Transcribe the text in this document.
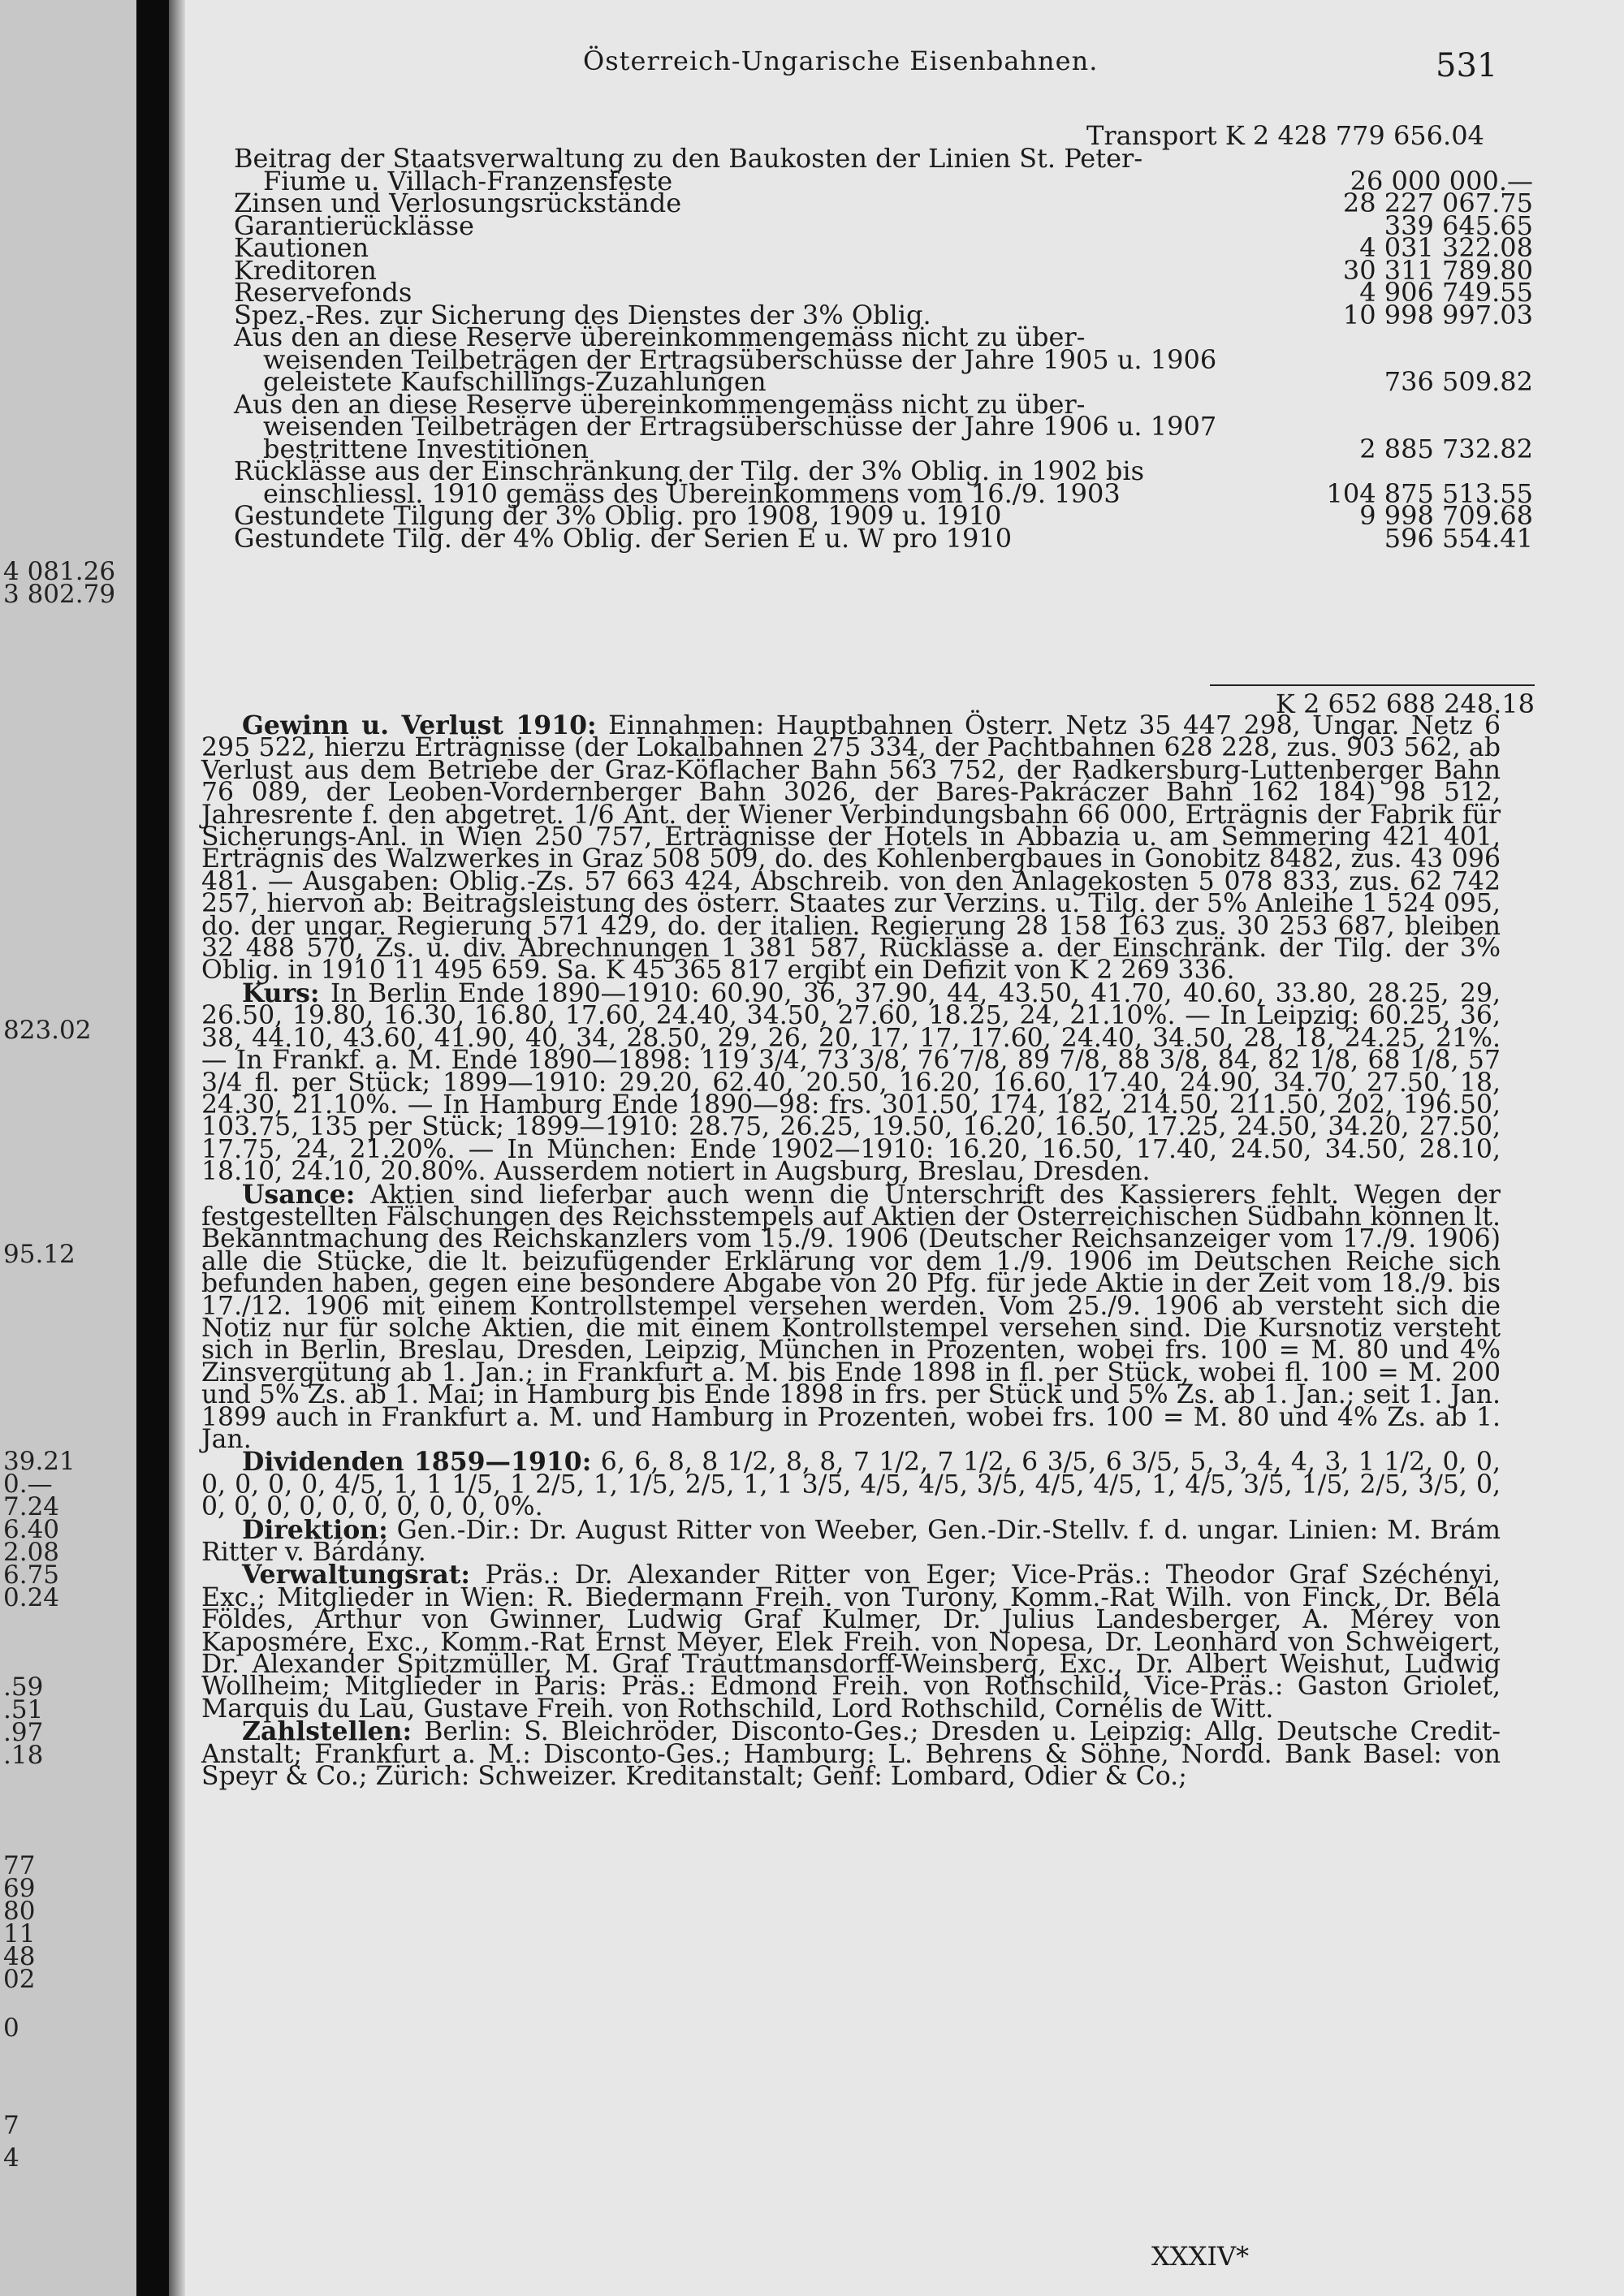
4 081.26
3 802.79
823.02
95.12
39.21
0.—
7.24
6.40
2.08
6.75
0.24
.59
.51
.97
.18
77
69
80
11
48
02
0
7
4
Österreich-Ungarische Eisenbahnen.	531
Transport K 2 428 779 656.04
Beitrag der Staatsverwaltung zu den Baukosten der Linien St. Peter-
Fiume u. Villach-Franzensfeste	26 000 000.—
Zinsen und Verlosungsrückstände	28 227 067.75
Garantierücklässe	339 645.65
Kautionen	4 031 322.08
Kreditoren	30 311 789.80
Reservefonds	4 906 749.55
Spez.-Res. zur Sicherung des Dienstes der 3% Oblig.	10 998 997.03
Aus den an diese Reserve übereinkommengemäss nicht zu über-
weisenden Teilbeträgen der Ertragsüberschüsse der Jahre 1905 u. 1906
geleistete Kaufschillings-Zuzahlungen	736 509.82
Aus den an diese Reserve übereinkommengemäss nicht zu über-
weisenden Teilbeträgen der Ertragsüberschüsse der Jahre 1906 u. 1907
bestrittene Investitionen	2 885 732.82
Rücklässe aus der Einschränkung der Tilg. der 3% Oblig. in 1902 bis
einschliessl. 1910 gemäss des Übereinkommens vom 16./9. 1903	104 875 513.55
Gestundete Tilgung der 3% Oblig. pro 1908, 1909 u. 1910	9 998 709.68
Gestundete Tilg. der 4% Oblig. der Serien E u. W pro 1910	596 554.41
K 2 652 688 248.18

Gewinn u. Verlust 1910: Einnahmen: Hauptbahnen Österr. Netz 35 447 298, Ungar. Netz 6 295 522, hierzu Erträgnisse (der Lokalbahnen 275 334, der Pachtbahnen 628 228, zus. 903 562, ab Verlust aus dem Betriebe der Graz-Köflacher Bahn 563 752, der Radkersburg-Luttenberger Bahn 76 089, der Leoben-Vordernberger Bahn 3026, der Bares-Pakráczer Bahn 162 184) 98 512, Jahresrente f. den abgetret. 1/6 Ant. der Wiener Verbindungsbahn 66 000, Erträgnis der Fabrik für Sicherungs-Anl. in Wien 250 757, Erträgnisse der Hotels in Abbazia u. am Semmering 421 401, Erträgnis des Walzwerkes in Graz 508 509, do. des Kohlenbergbaues in Gonobitz 8482, zus. 43 096 481. — Ausgaben: Oblig.-Zs. 57 663 424, Abschreib. von den Anlagekosten 5 078 833, zus. 62 742 257, hiervon ab: Beitragsleistung des österr. Staates zur Verzins. u. Tilg. der 5% Anleihe 1 524 095, do. der ungar. Regierung 571 429, do. der italien. Regierung 28 158 163 zus. 30 253 687, bleiben 32 488 570, Zs. u. div. Abrechnungen 1 381 587, Rücklässe a. der Einschränk. der Tilg. der 3% Oblig. in 1910 11 495 659. Sa. K 45 365 817 ergibt ein Defizit von K 2 269 336.

Kurs: In Berlin Ende 1890—1910: 60.90, 36, 37.90, 44, 43.50, 41.70, 40.60, 33.80, 28.25, 29, 26.50, 19.80, 16.30, 16.80, 17.60, 24.40, 34.50, 27.60, 18.25, 24, 21.10%. — In Leipzig: 60.25, 36, 38, 44.10, 43.60, 41.90, 40, 34, 28.50, 29, 26, 20, 17, 17, 17.60, 24.40, 34.50, 28, 18, 24.25, 21%. — In Frankf. a. M. Ende 1890—1898: 119 3/4, 73 3/8, 76 7/8, 89 7/8, 88 3/8, 84, 82 1/8, 68 1/8, 57 3/4 fl. per Stück; 1899—1910: 29.20, 62.40, 20.50, 16.20, 16.60, 17.40, 24.90, 34.70, 27.50, 18, 24.30, 21.10%. — In Hamburg Ende 1890—98: frs. 301.50, 174, 182, 214.50, 211.50, 202, 196.50, 103.75, 135 per Stück; 1899—1910: 28.75, 26.25, 19.50, 16.20, 16.50, 17.25, 24.50, 34.20, 27.50, 17.75, 24, 21.20%. — In München: Ende 1902—1910: 16.20, 16.50, 17.40, 24.50, 34.50, 28.10, 18.10, 24.10, 20.80%. Ausserdem notiert in Augsburg, Breslau, Dresden.

Usance: Aktien sind lieferbar auch wenn die Unterschrift des Kassierers fehlt. Wegen der festgestellten Fälschungen des Reichsstempels auf Aktien der Österreichischen Südbahn können lt. Bekanntmachung des Reichskanzlers vom 15./9. 1906 (Deutscher Reichsanzeiger vom 17./9. 1906) alle die Stücke, die lt. beizufügender Erklärung vor dem 1./9. 1906 im Deutschen Reiche sich befunden haben, gegen eine besondere Abgabe von 20 Pfg. für jede Aktie in der Zeit vom 18./9. bis 17./12. 1906 mit einem Kontrollstempel versehen werden. Vom 25./9. 1906 ab versteht sich die Notiz nur für solche Aktien, die mit einem Kontrollstempel versehen sind. Die Kursnotiz versteht sich in Berlin, Breslau, Dresden, Leipzig, München in Prozenten, wobei frs. 100 = M. 80 und 4% Zinsvergütung ab 1. Jan.; in Frankfurt a. M. bis Ende 1898 in fl. per Stück, wobei fl. 100 = M. 200 und 5% Zs. ab 1. Mai; in Hamburg bis Ende 1898 in frs. per Stück und 5% Zs. ab 1. Jan.; seit 1. Jan. 1899 auch in Frankfurt a. M. und Hamburg in Prozenten, wobei frs. 100 = M. 80 und 4% Zs. ab 1. Jan.

Dividenden 1859—1910: 6, 6, 8, 8 1/2, 8, 8, 7 1/2, 7 1/2, 6 3/5, 6 3/5, 5, 3, 4, 4, 3, 1 1/2, 0, 0, 0, 0, 0, 0, 4/5, 1, 1 1/5, 1 2/5, 1, 1/5, 2/5, 1, 1 3/5, 4/5, 4/5, 3/5, 4/5, 4/5, 1, 4/5, 3/5, 1/5, 2/5, 3/5, 0, 0, 0, 0, 0, 0, 0, 0, 0, 0, 0%.

Direktion: Gen.-Dir.: Dr. August Ritter von Weeber, Gen.-Dir.-Stellv. f. d. ungar. Linien: M. Brám Ritter v. Bárdány.

Verwaltungsrat: Präs.: Dr. Alexander Ritter von Eger; Vice-Präs.: Theodor Graf Széchényi, Exc.; Mitglieder in Wien: R. Biedermann Freih. von Turony, Komm.-Rat Wilh. von Finck, Dr. Béla Földes, Arthur von Gwinner, Ludwig Graf Kulmer, Dr. Julius Landesberger, A. Mérey von Kaposmére, Exc., Komm.-Rat Ernst Meyer, Elek Freih. von Nopesa, Dr. Leonhard von Schweigert, Dr. Alexander Spitzmüller, M. Graf Trauttmansdorff-Weinsberg, Exc., Dr. Albert Weishut, Ludwig Wollheim; Mitglieder in Paris: Präs.: Edmond Freih. von Rothschild, Vice-Präs.: Gaston Griolet, Marquis du Lau, Gustave Freih. von Rothschild, Lord Rothschild, Cornélis de Witt.

Zahlstellen: Berlin: S. Bleichröder, Disconto-Ges.; Dresden u. Leipzig: Allg. Deutsche Credit-Anstalt; Frankfurt a. M.: Disconto-Ges.; Hamburg: L. Behrens & Söhne, Nordd. Bank Basel: von Speyr & Co.; Zürich: Schweizer. Kreditanstalt; Genf: Lombard, Odier & Co.;

XXXIV*
